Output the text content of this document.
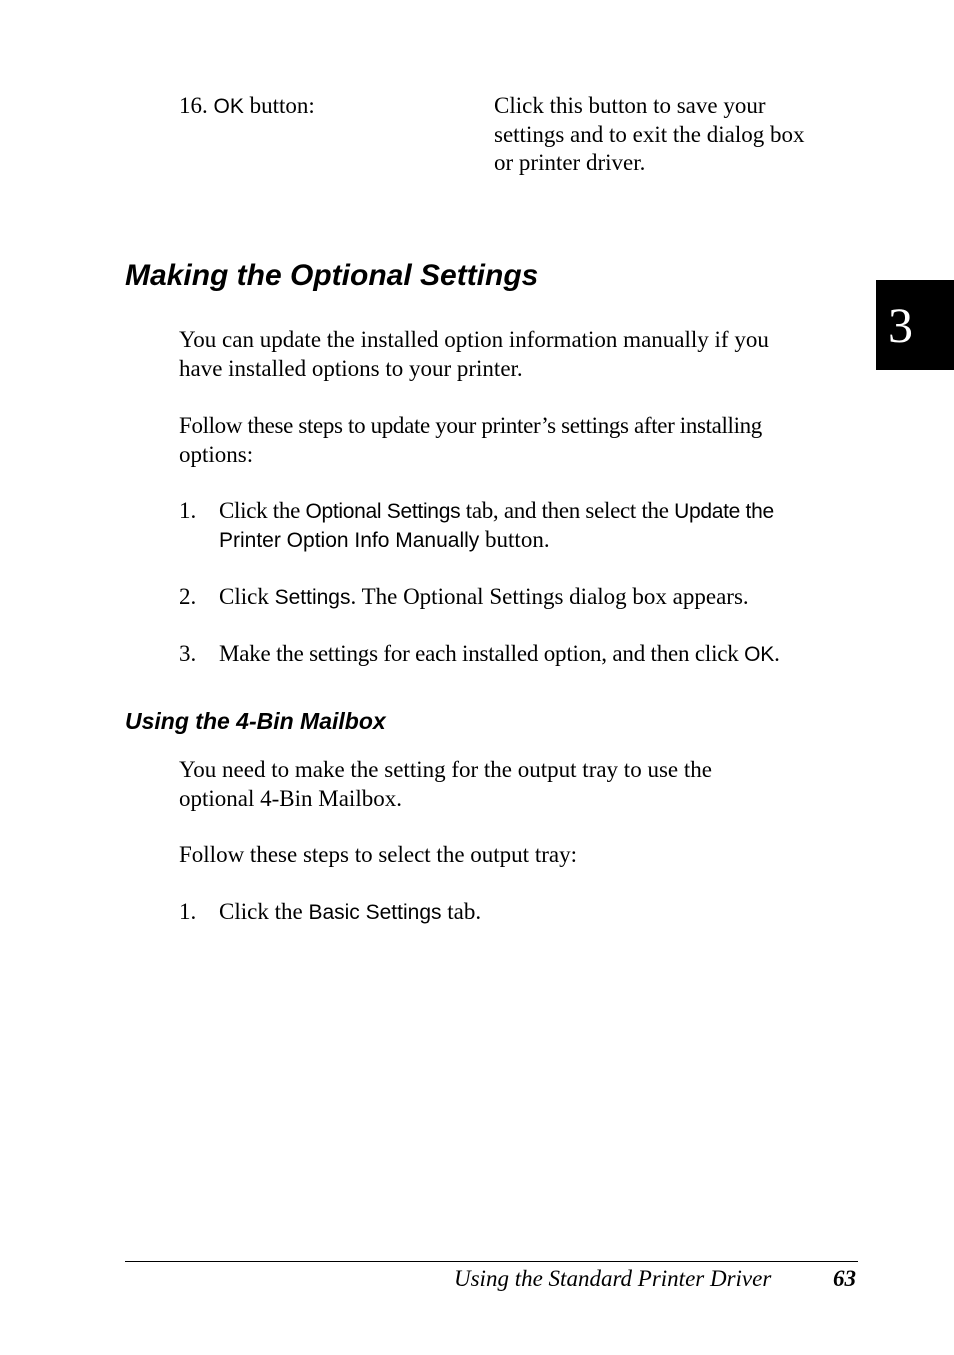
16. OK button:	Click this button to save your
settings and to exit the dialog box
or printer driver.
Making the Optional Settings
You can update the installed option information manually if you
have installed options to your printer.
Follow these steps to update your printer’s settings after installing
options:
1. Click the Optional Settings tab, and then select the Update the
Printer Option Info Manually button.
2. Click Settings. The Optional Settings dialog box appears.
3. Make the settings for each installed option, and then click OK.
Using the 4-Bin Mailbox
You need to make the setting for the output tray to use the
optional 4-Bin Mailbox.
Follow these steps to select the output tray:
1. Click the Basic Settings tab.
3
Using the Standard Printer Driver	63
